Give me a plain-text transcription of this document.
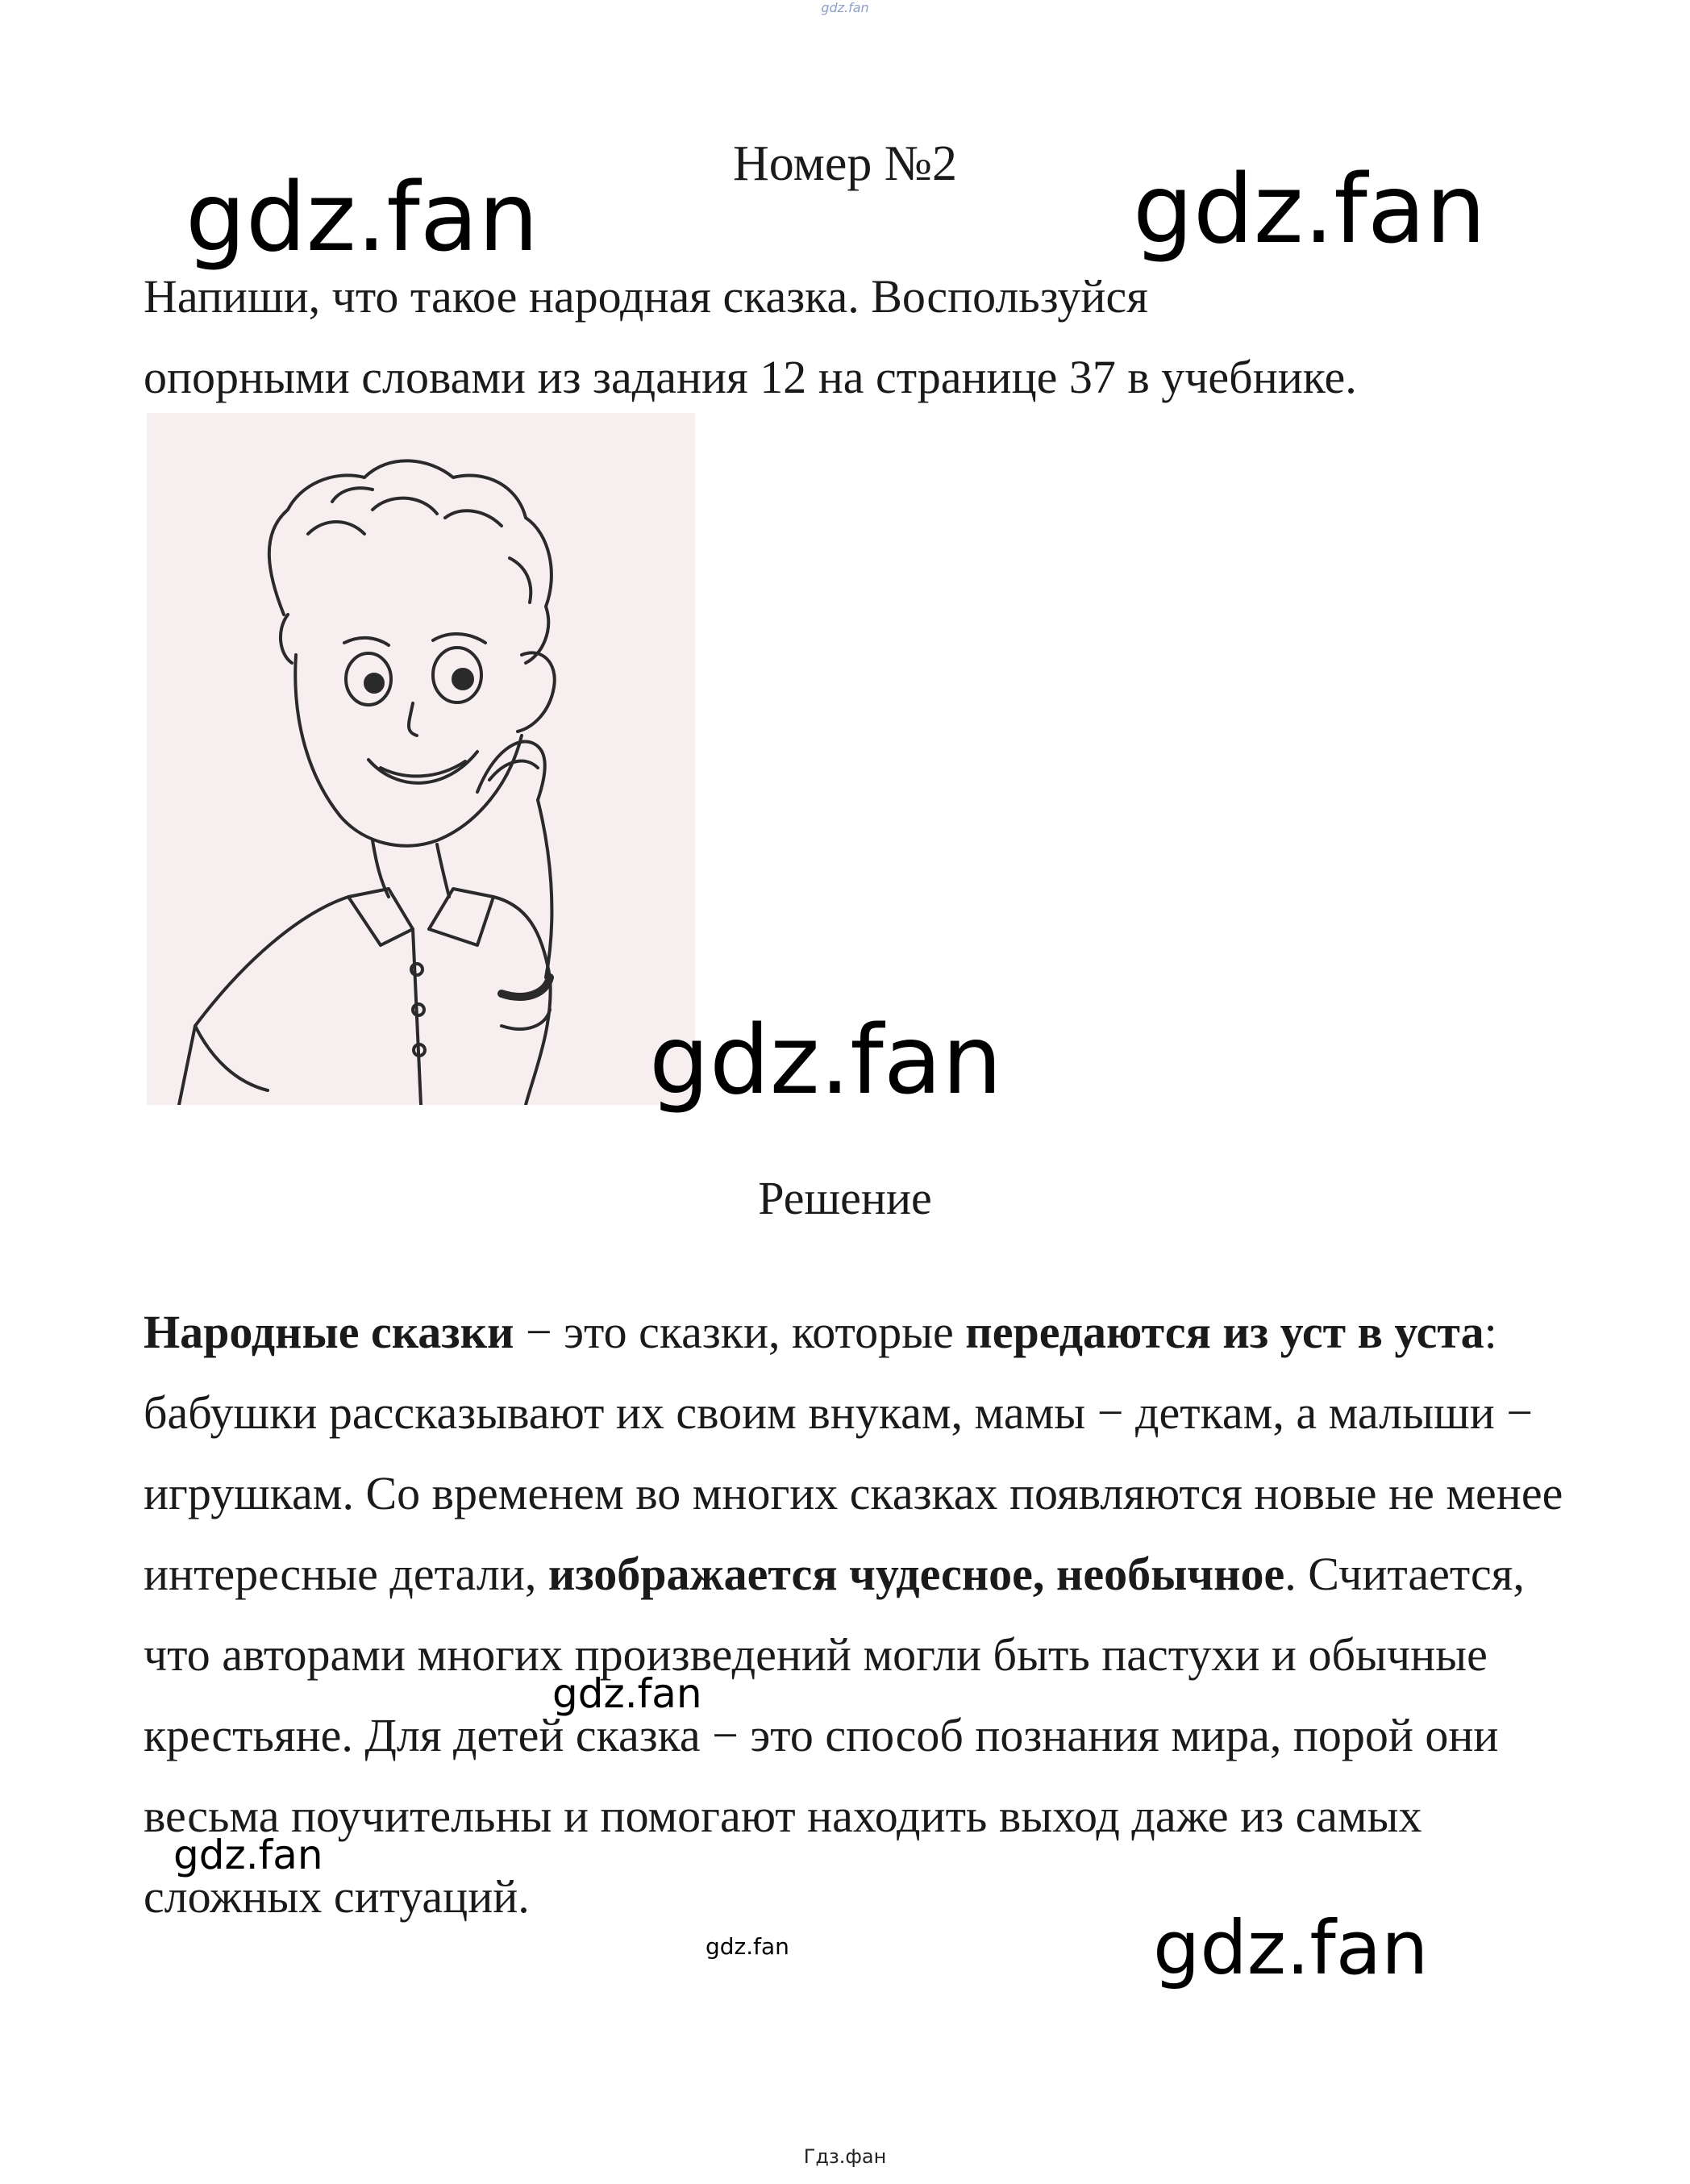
gdz.fan
Номер №2
Напиши, что такое народная сказка. Воспользуйся
опорными словами из задания 12 на странице 37 в учебнике.
Решение
Народные сказки − это сказки, которые передаются из уст в уста: бабушки рассказывают их своим внукам, мамы − деткам, а малыши − игрушкам. Со временем во многих сказках появляются новые не менее интересные детали, изображается чудесное, необычное. Считается, что авторами многих произведений могли быть пастухи и обычные крестьяне. Для детей сказка − это способ познания мира, порой они весьма поучительны и помогают находить выход даже из самых сложных ситуаций.
gdz.fan	gdz.fan
gdz.fan
gdz.fan
gdz.fan
gdz.fan	gdz.fan
Гдз.фан
